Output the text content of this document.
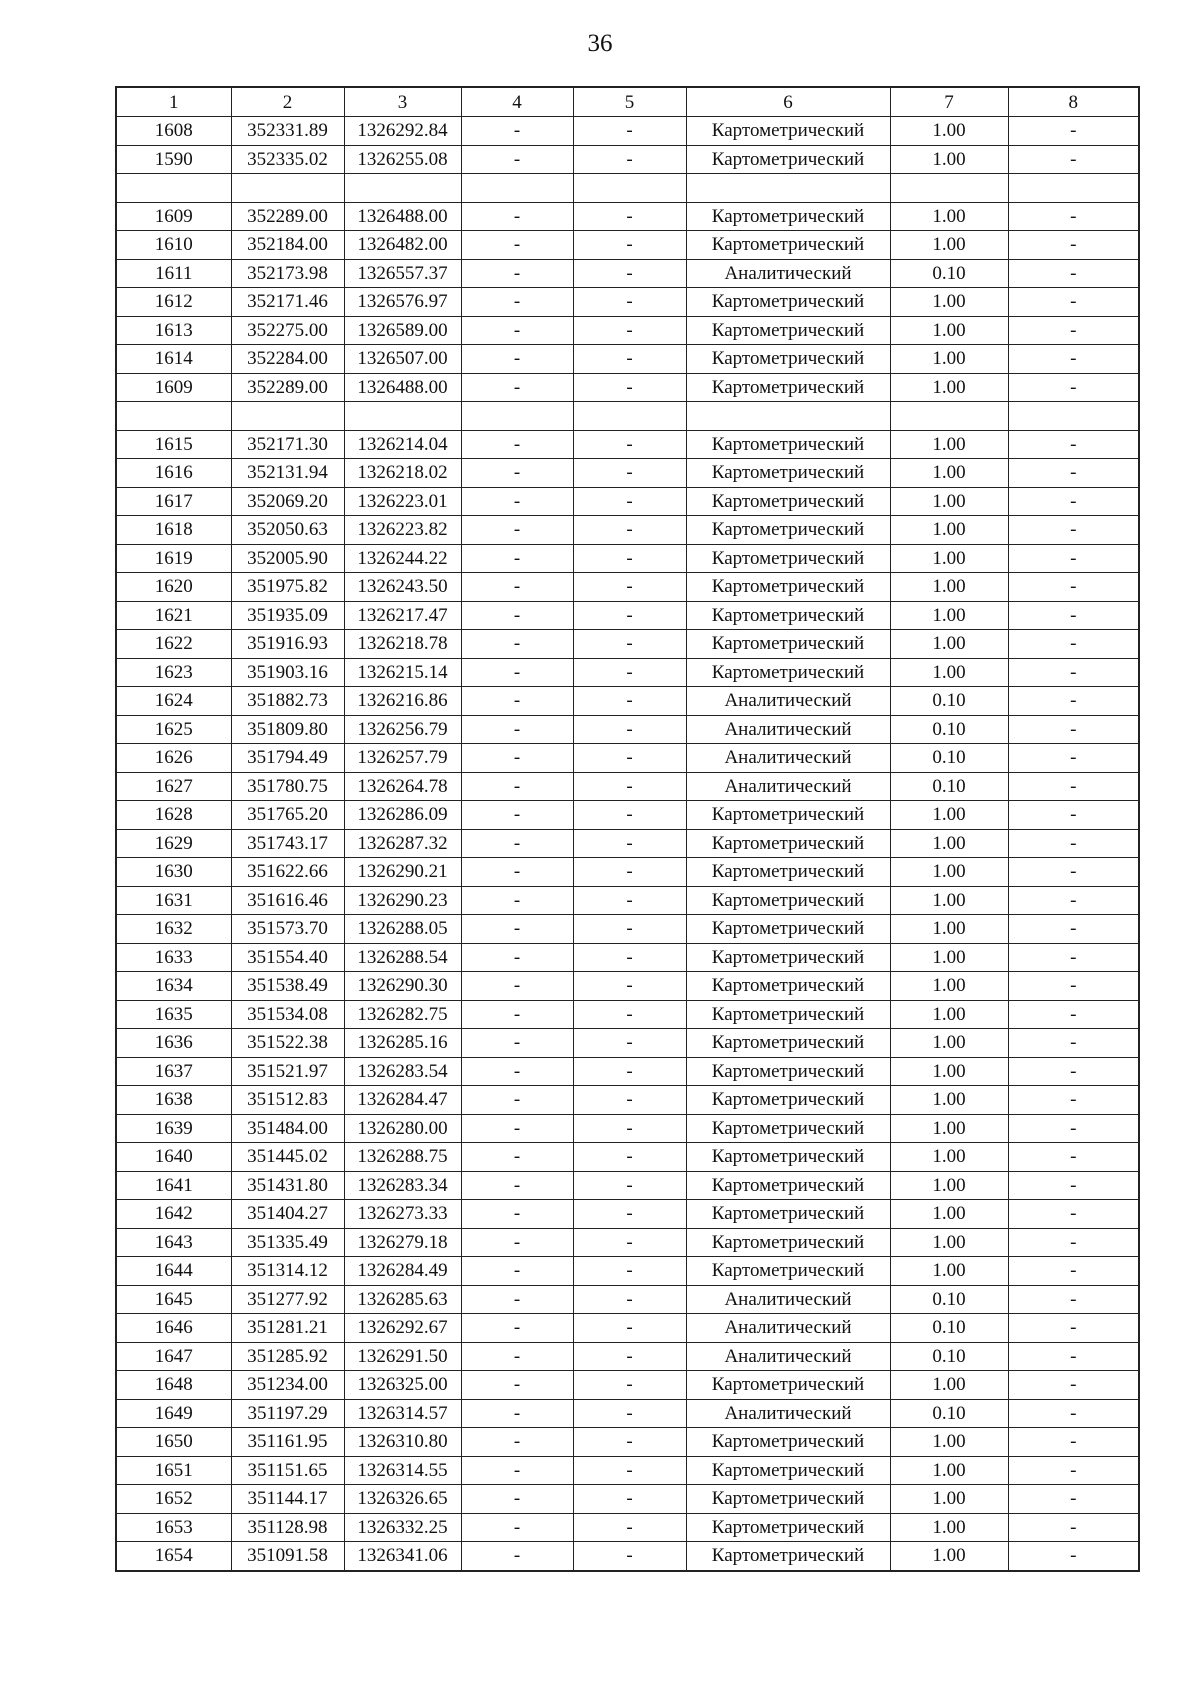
36
1	2	3	4	5	6	7	8
1608	352331.89	1326292.84	-	-	Картометрический	1.00	-
1590	352335.02	1326255.08	-	-	Картометрический	1.00	-

1609	352289.00	1326488.00	-	-	Картометрический	1.00	-
1610	352184.00	1326482.00	-	-	Картометрический	1.00	-
1611	352173.98	1326557.37	-	-	Аналитический	0.10	-
1612	352171.46	1326576.97	-	-	Картометрический	1.00	-
1613	352275.00	1326589.00	-	-	Картометрический	1.00	-
1614	352284.00	1326507.00	-	-	Картометрический	1.00	-
1609	352289.00	1326488.00	-	-	Картометрический	1.00	-

1615	352171.30	1326214.04	-	-	Картометрический	1.00	-
1616	352131.94	1326218.02	-	-	Картометрический	1.00	-
1617	352069.20	1326223.01	-	-	Картометрический	1.00	-
1618	352050.63	1326223.82	-	-	Картометрический	1.00	-
1619	352005.90	1326244.22	-	-	Картометрический	1.00	-
1620	351975.82	1326243.50	-	-	Картометрический	1.00	-
1621	351935.09	1326217.47	-	-	Картометрический	1.00	-
1622	351916.93	1326218.78	-	-	Картометрический	1.00	-
1623	351903.16	1326215.14	-	-	Картометрический	1.00	-
1624	351882.73	1326216.86	-	-	Аналитический	0.10	-
1625	351809.80	1326256.79	-	-	Аналитический	0.10	-
1626	351794.49	1326257.79	-	-	Аналитический	0.10	-
1627	351780.75	1326264.78	-	-	Аналитический	0.10	-
1628	351765.20	1326286.09	-	-	Картометрический	1.00	-
1629	351743.17	1326287.32	-	-	Картометрический	1.00	-
1630	351622.66	1326290.21	-	-	Картометрический	1.00	-
1631	351616.46	1326290.23	-	-	Картометрический	1.00	-
1632	351573.70	1326288.05	-	-	Картометрический	1.00	-
1633	351554.40	1326288.54	-	-	Картометрический	1.00	-
1634	351538.49	1326290.30	-	-	Картометрический	1.00	-
1635	351534.08	1326282.75	-	-	Картометрический	1.00	-
1636	351522.38	1326285.16	-	-	Картометрический	1.00	-
1637	351521.97	1326283.54	-	-	Картометрический	1.00	-
1638	351512.83	1326284.47	-	-	Картометрический	1.00	-
1639	351484.00	1326280.00	-	-	Картометрический	1.00	-
1640	351445.02	1326288.75	-	-	Картометрический	1.00	-
1641	351431.80	1326283.34	-	-	Картометрический	1.00	-
1642	351404.27	1326273.33	-	-	Картометрический	1.00	-
1643	351335.49	1326279.18	-	-	Картометрический	1.00	-
1644	351314.12	1326284.49	-	-	Картометрический	1.00	-
1645	351277.92	1326285.63	-	-	Аналитический	0.10	-
1646	351281.21	1326292.67	-	-	Аналитический	0.10	-
1647	351285.92	1326291.50	-	-	Аналитический	0.10	-
1648	351234.00	1326325.00	-	-	Картометрический	1.00	-
1649	351197.29	1326314.57	-	-	Аналитический	0.10	-
1650	351161.95	1326310.80	-	-	Картометрический	1.00	-
1651	351151.65	1326314.55	-	-	Картометрический	1.00	-
1652	351144.17	1326326.65	-	-	Картометрический	1.00	-
1653	351128.98	1326332.25	-	-	Картометрический	1.00	-
1654	351091.58	1326341.06	-	-	Картометрический	1.00	-
